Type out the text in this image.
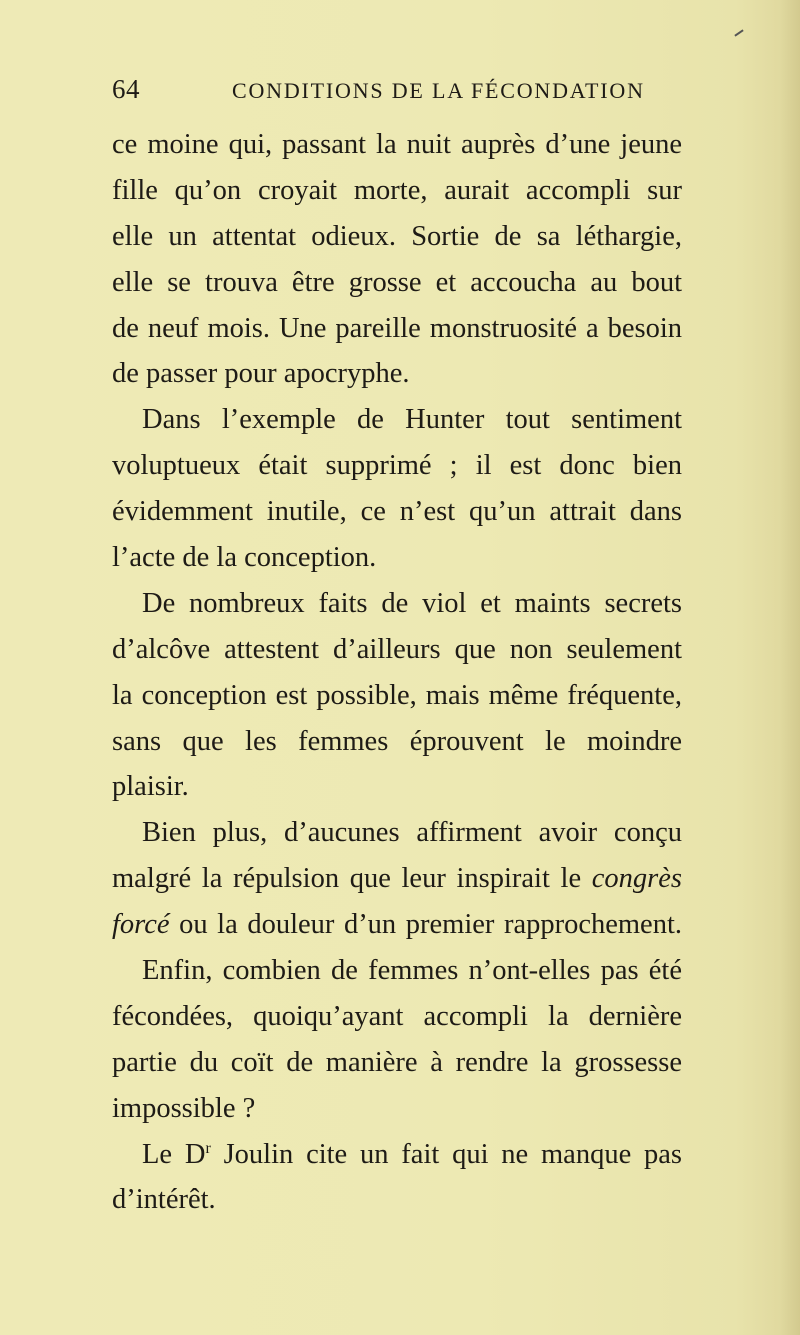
64	CONDITIONS DE LA FÉCONDATION
ce moine qui, passant la nuit auprès d’une jeune
fille qu’on croyait morte, aurait accompli sur
elle un attentat odieux. Sortie de sa léthargie,
elle se trouva être grosse et accoucha au bout
de neuf mois. Une pareille monstruosité a besoin
de passer pour apocryphe.
Dans l’exemple de Hunter tout sentiment
voluptueux était supprimé ; il est donc bien
évidemment inutile, ce n’est qu’un attrait dans
l’acte de la conception.
De nombreux faits de viol et maints secrets
d’alcôve attestent d’ailleurs que non seulement
la conception est possible, mais même fréquente,
sans que les femmes éprouvent le moindre
plaisir.
Bien plus, d’aucunes affirment avoir conçu
malgré la répulsion que leur inspirait le congrès
forcé ou la douleur d’un premier rapprochement.
Enfin, combien de femmes n’ont-elles pas été
fécondées, quoiqu’ayant accompli la dernière
partie du coït de manière à rendre la grossesse
impossible ?
Le $D^r$ Joulin cite un fait qui ne manque pas
d’intérêt.
